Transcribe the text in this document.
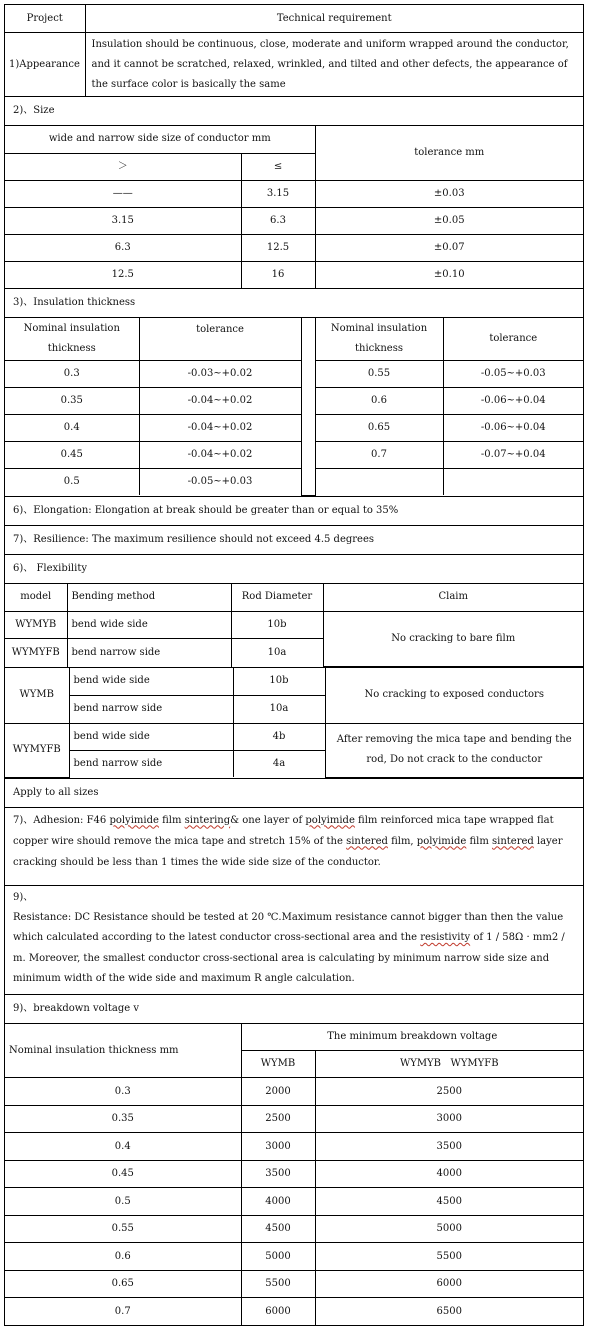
Project	Technical requirement
1)Appearance	Insulation should be continuous, close, moderate and uniform wrapped around the conductor, and it cannot be scratched, relaxed, wrinkled, and tilted and other defects, the appearance of the surface color is basically the same
2)、Size
wide and narrow side size of conductor mm		tolerance mm
＞	≤	
——	3.15	±0.03
3.15	6.3	±0.05
6.3	12.5	±0.07
12.5	16	±0.10
3)、Insulation thickness
Nominal insulation thickness	tolerance		Nominal insulation thickness	tolerance
0.3	-0.03~+0.02		0.55	-0.05~+0.03
0.35	-0.04~+0.02		0.6	-0.06~+0.04
0.4	-0.04~+0.02		0.65	-0.06~+0.04
0.45	-0.04~+0.02		0.7	-0.07~+0.04
0.5	-0.05~+0.03			
6)、Elongation: Elongation at break should be greater than or equal to 35%
7)、Resilience: The maximum resilience should not exceed 4.5 degrees
6)、 Flexibility
model	Bending method	Rod Diameter	Claim
WYMYB	bend wide side	10b	No cracking to bare film
WYMYFB	bend narrow side	10a	
WYMB	bend wide side	10b	No cracking to exposed conductors
	bend narrow side	10a	
WYMYFB	bend wide side	4b	After removing the mica tape and bending the rod, Do not crack to the conductor
	bend narrow side	4a	
Apply to all sizes
7)、Adhesion: F46 polyimide film sintering& one layer of polyimide film reinforced mica tape wrapped flat copper wire should remove the mica tape and stretch 15% of the sintered film, polyimide film sintered layer cracking should be less than 1 times the wide side size of the conductor.
9)、
Resistance: DC Resistance should be tested at 20 ℃.Maximum resistance cannot bigger than then the value which calculated according to the latest conductor cross-sectional area and the resistivity of 1 / 58Ω · mm2 / m. Moreover, the smallest conductor cross-sectional area is calculating by minimum narrow side size and minimum width of the wide side and maximum R angle calculation.
9)、breakdown voltage v
Nominal insulation thickness mm	The minimum breakdown voltage	
	WYMB	WYMYB   WYMYFB
0.3	2000	2500
0.35	2500	3000
0.4	3000	3500
0.45	3500	4000
0.5	4000	4500
0.55	4500	5000
0.6	5000	5500
0.65	5500	6000
0.7	6000	6500
